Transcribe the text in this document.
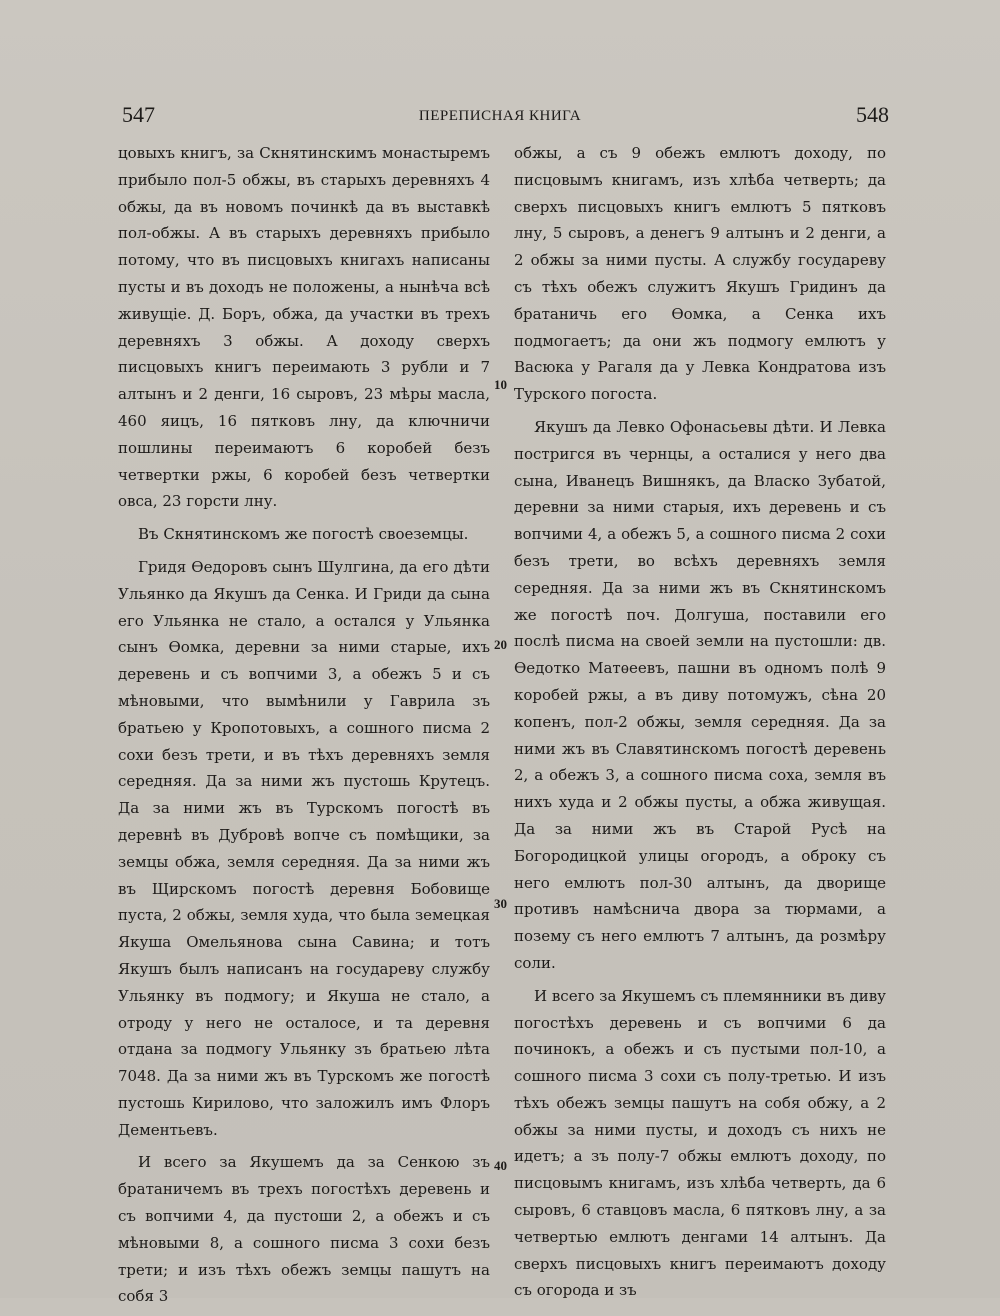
547	ПЕРЕПИСНАЯ КНИГА	548

цовыхъ книгъ, за Скнятинскимъ монастыремъ прибыло пол-5 обжы, въ старыхъ деревняхъ 4 обжы, да въ новомъ починкѣ да въ выставкѣ пол-обжы. А въ старыхъ деревняхъ прибыло потому, что въ писцовыхъ книгахъ написаны пусты и въ доходъ не положены, а нынѣча всѣ живущіе. Д. Боръ, обжа, да участки въ трехъ деревняхъ 3 обжы. А доходу сверхъ писцовыхъ книгъ переимають 3 рубли и 7 алтынъ и 2 денги, 16 сыровъ, 23 мѣры масла, 460 яицъ, 16 пятковъ лну, да ключничи пошлины переимаютъ 6 коробей безъ четвертки ржы, 6 коробей безъ четвертки овса, 23 горсти лну.

Въ Скнятинскомъ же погостѣ своеземцы.

Гридя Ѳедоровъ сынъ Шулгина, да его дѣти Ульянко да Якушъ да Сенка. И Гриди да сына его Ульянка не стало, а остался у Ульянка сынъ Ѳомка, деревни за ними старые, ихъ деревень и съ вопчими 3, а обежъ 5 и съ мѣновыми, что вымѣнили у Гаврила зъ братьею у Кропотовыхъ, а сошного писма 2 сохи безъ трети, и въ тѣхъ деревняхъ земля середняя. Да за ними жъ пустошь Крутецъ. Да за ними жъ въ Турскомъ погостѣ въ деревнѣ въ Дубровѣ вопче съ помѣщики, за земцы обжа, земля середняя. Да за ними жъ въ Щирскомъ погостѣ деревня Бобовище пуста, 2 обжы, земля худа, что была земецкая Якуша Омельянова сына Савина; и тотъ Якушъ былъ написанъ на государеву службу Ульянку въ подмогу; и Якуша не стало, а отроду у него не осталосе, и та деревня отдана за подмогу Ульянку зъ братьею лѣта 7048. Да за ними жъ въ Турскомъ же погостѣ пустошь Кирилово, что заложилъ имъ Флоръ Дементьевъ.

И всего за Якушемъ да за Сенкою зъ братаничемъ въ трехъ погостѣхъ деревень и съ вопчими 4, да пустоши 2, а обежъ и съ мѣновыми 8, а сошного писма 3 сохи безъ трети; и изъ тѣхъ обежъ земцы пашутъ на собя 3

обжы, а съ 9 обежъ емлютъ доходу, по писцовымъ книгамъ, изъ хлѣба четверть; да сверхъ писцовыхъ книгъ емлютъ 5 пятковъ лну, 5 сыровъ, а денегъ 9 алтынъ и 2 денги, а 2 обжы за ними пусты. А службу государеву съ тѣхъ обежъ служитъ Якушъ Гридинъ да братаничь его Ѳомка, а Сенка ихъ подмогаетъ; да они жъ подмогу емлютъ у Васюка у Рагаля да у Левка Кондратова изъ Турского погоста.

Якушъ да Левко Офонасьевы дѣти. И Левка постригся въ чернцы, а осталися у него два сына, Иванецъ Вишнякъ, да Власко Зубатой, деревни за ними старыя, ихъ деревень и съ вопчими 4, а обежъ 5, а сошного писма 2 сохи безъ трети, во всѣхъ деревняхъ земля середняя. Да за ними жъ въ Скнятинскомъ же погостѣ поч. Долгуша, поставили его послѣ писма на своей земли на пустошли: дв. Ѳедотко Матѳеевъ, пашни въ одномъ полѣ 9 коробей ржы, а въ диву потомужъ, сѣна 20 копенъ, пол-2 обжы, земля середняя. Да за ними жъ въ Славятинскомъ погостѣ деревень 2, а обежъ 3, а сошного писма соха, земля въ нихъ худа и 2 обжы пусты, а обжа живущая. Да за ними жъ въ Старой Русѣ на Богородицкой улицы огородъ, а оброку съ него емлютъ пол-30 алтынъ, да дворище противъ намѣснича двора за тюрмами, а позему съ него емлютъ 7 алтынъ, да розмѣру соли.

И всего за Якушемъ съ племянники въ диву погостѣхъ деревень и съ вопчими 6 да починокъ, а обежъ и съ пустыми пол-10, а сошного писма 3 сохи съ полу-третью. И изъ тѣхъ обежъ земцы пашутъ на собя обжу, а 2 обжы за ними пусты, и доходъ съ нихъ не идетъ; а зъ полу-7 обжы емлютъ доходу, по писцовымъ книгамъ, изъ хлѣба четверть, да 6 сыровъ, 6 ставцовъ масла, 6 пятковъ лну, а за четвертью емлютъ денгами 14 алтынъ. Да сверхъ писцовыхъ книгъ переимаютъ доходу съ огорода и зъ

10
20
30
40
